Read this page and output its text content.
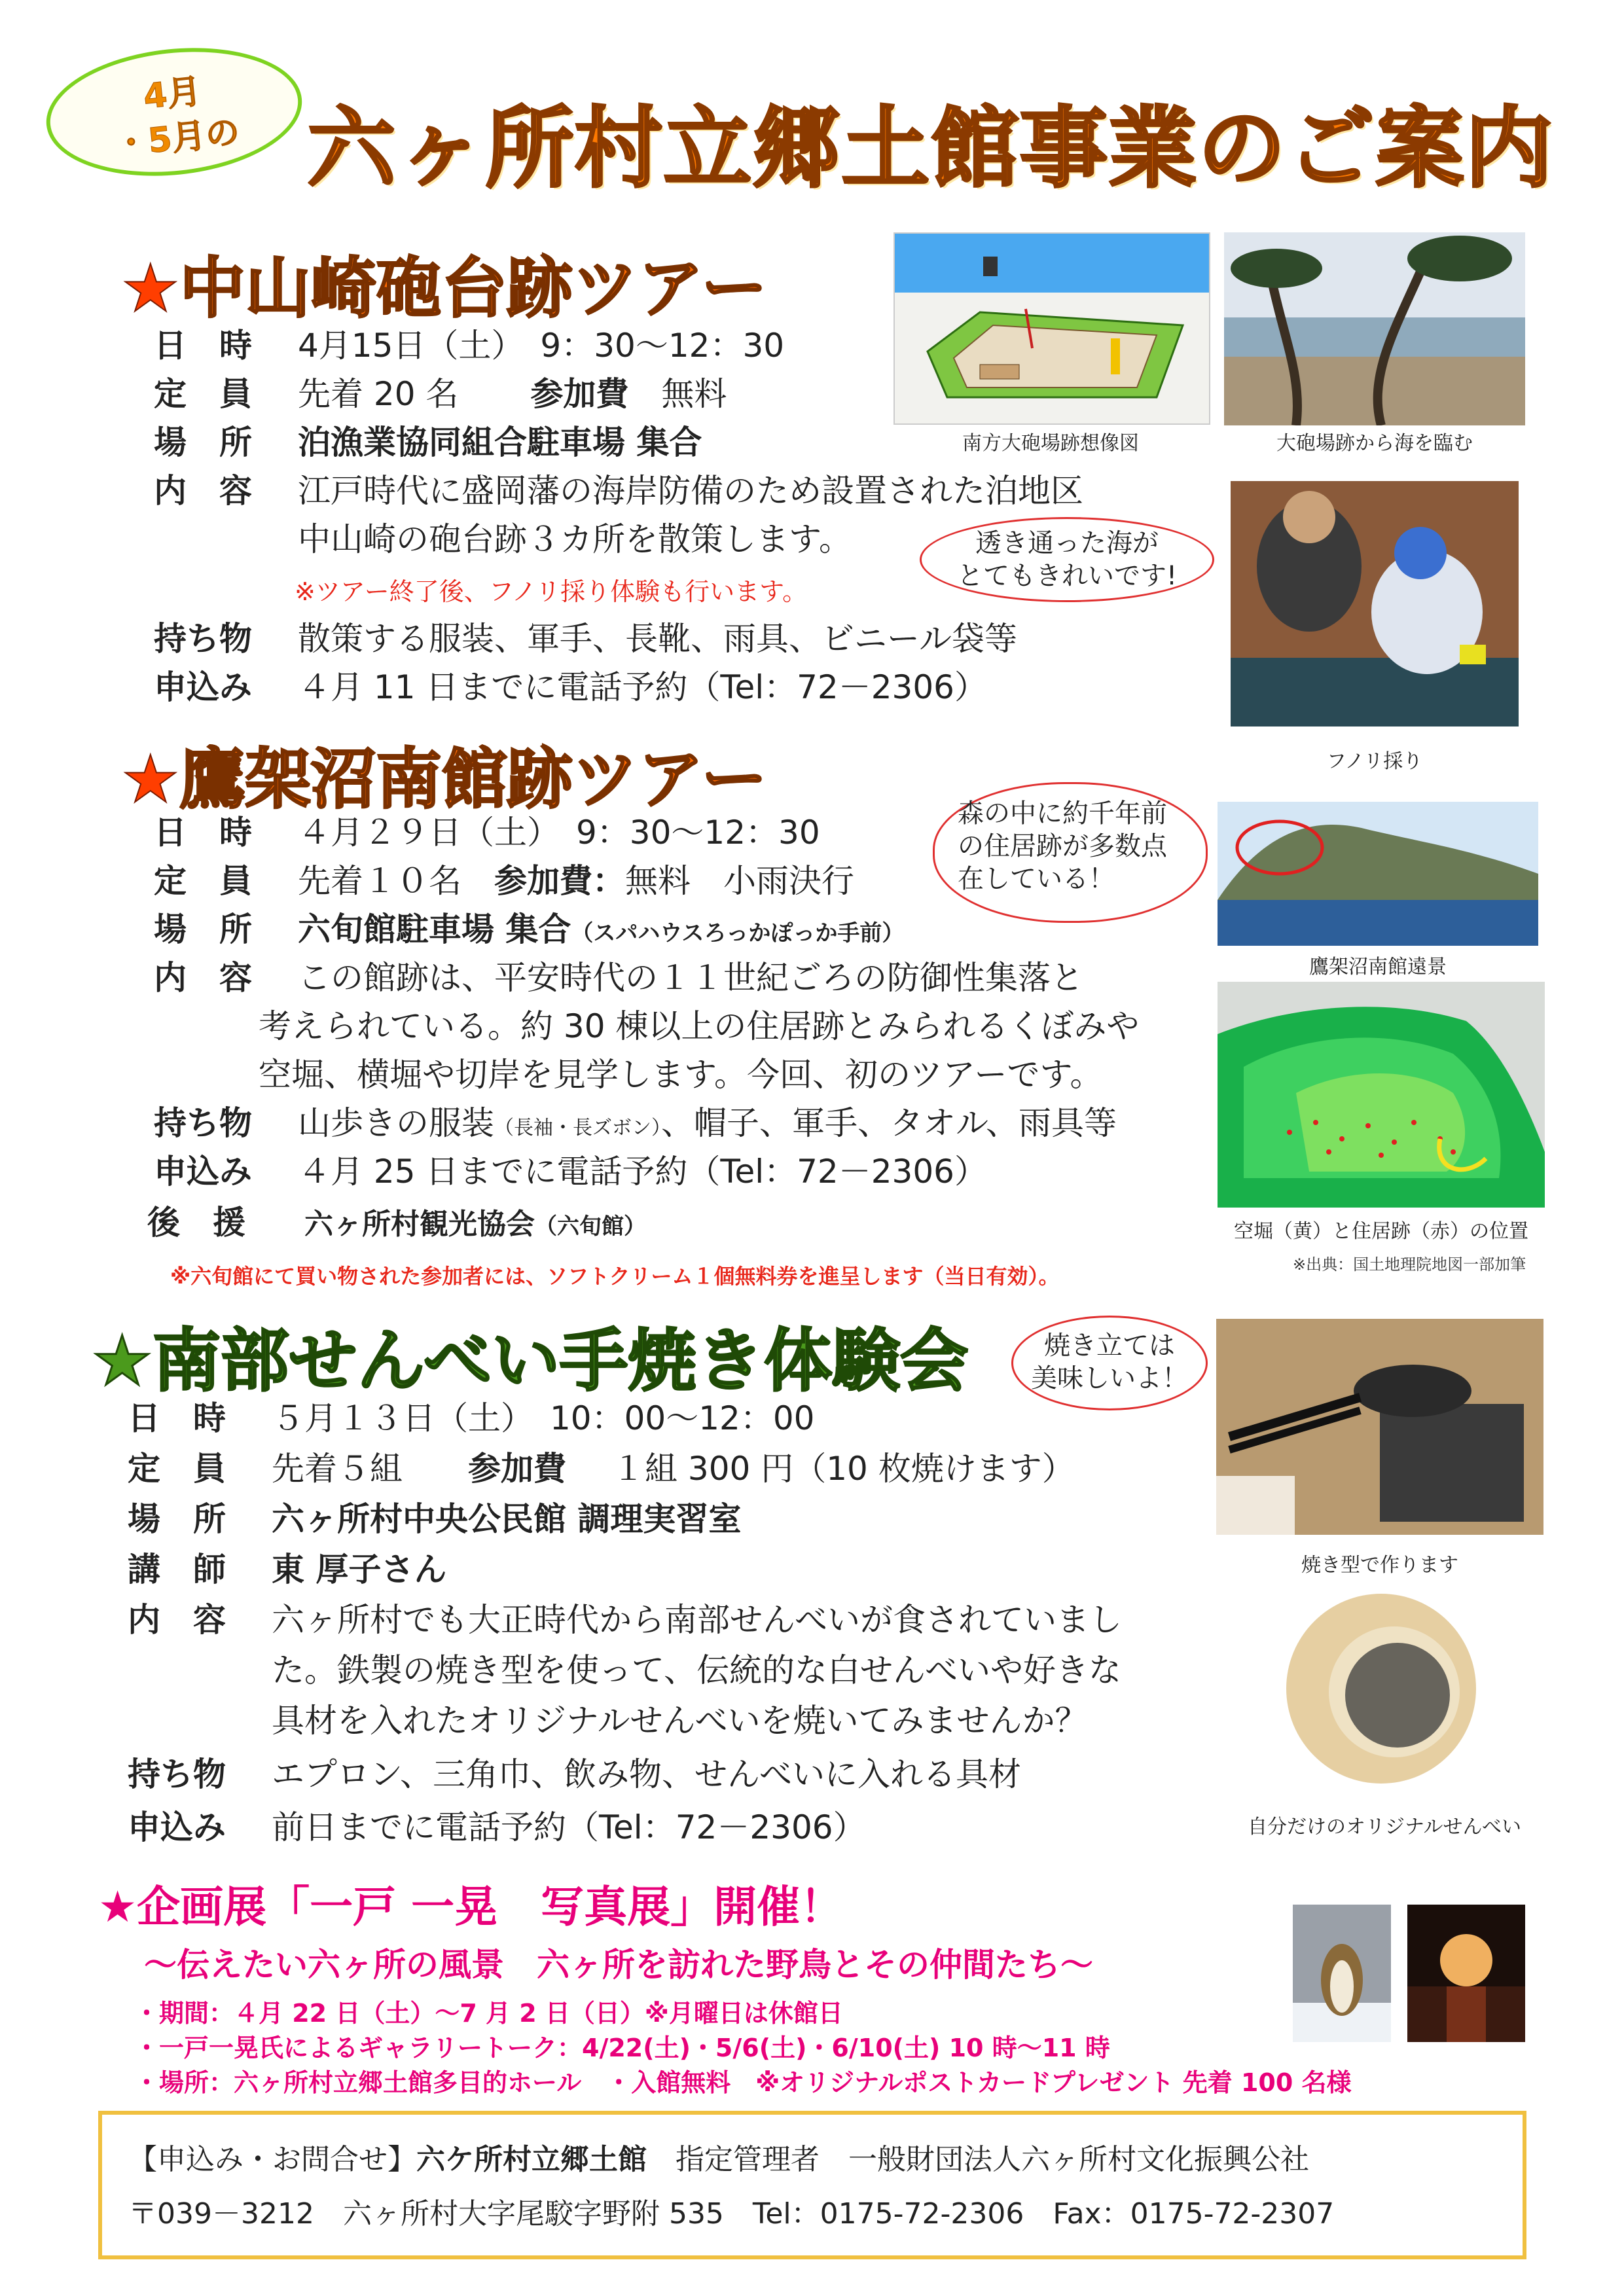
4月
・5月の 六ヶ所村立郷土館事業のご案内
★中山崎砲台跡ツアー
日　時 4月15日（土）　9：30～12：30
定　員 先着 20 名 参加費 無料
場　所 泊漁業協同組合駐車場 集合
内　容 江戸時代に盛岡藩の海岸防備のため設置された泊地区
中山崎の砲台跡３カ所を散策します。
※ツアー終了後、フノリ採り体験も行います。
持ち物 散策する服装、軍手、長靴、雨具、ビニール袋等
申込み ４月 11 日までに電話予約（Tel：72－2306）
南方大砲場跡想像図	大砲場跡から海を臨む
フノリ採り
透き通った海が
とてもきれいです!
★鷹架沼南館跡ツアー
日　時 ４月２９日（土）　9：30～12：30
定　員 先着１０名 参加費：無料　小雨決行
場　所 六旬館駐車場 集合（スパハウスろっかぽっか手前）
内　容 この館跡は、平安時代の１１世紀ごろの防御性集落と
考えられている。約 30 棟以上の住居跡とみられるくぼみや
空堀、横堀や切岸を見学します。今回、初のツアーです。
持ち物 山歩きの服装（長袖・長ズボン）、帽子、軍手、タオル、雨具等
申込み ４月 25 日までに電話予約（Tel：72－2306）
後　援 六ヶ所村観光協会（六旬館）
※六旬館にて買い物された参加者には、ソフトクリーム１個無料券を進呈します（当日有効）。
森の中に約千年前
の住居跡が多数点
在している！
鷹架沼南館遠景
空堀（黄）と住居跡（赤）の位置
※出典：国土地理院地図一部加筆
★南部せんべい手焼き体験会
日　時 ５月１３日（土）　10：00～12：00
定　員 先着５組 参加費 １組 300 円（10 枚焼けます）
場　所 六ヶ所村中央公民館 調理実習室
講　師 東 厚子さん
内　容 六ヶ所村でも大正時代から南部せんべいが食されていまし
た。鉄製の焼き型を使って、伝統的な白せんべいや好きな
具材を入れたオリジナルせんべいを焼いてみませんか？
持ち物 エプロン、三角巾、飲み物、せんべいに入れる具材
申込み 前日までに電話予約（Tel：72－2306）
焼き立ては
美味しいよ！
焼き型で作ります
自分だけのオリジナルせんべい
★企画展「一戸 一晃　写真展」開催！
～伝えたい六ヶ所の風景　六ヶ所を訪れた野鳥とその仲間たち～
・期間：４月 22 日（土）～7 月 2 日（日）※月曜日は休館日
・一戸一晃氏によるギャラリートーク：4/22(土)・5/6(土)・6/10(土) 10 時～11 時
・場所：六ヶ所村立郷土館多目的ホール　・入館無料　※オリジナルポストカードプレゼント 先着 100 名様
【申込み・お問合せ】六ケ所村立郷土館　 指定管理者　一般財団法人六ヶ所村文化振興公社
〒039－3212　六ヶ所村大字尾駮字野附 535　Tel：0175-72-2306　Fax：0175-72-2307
